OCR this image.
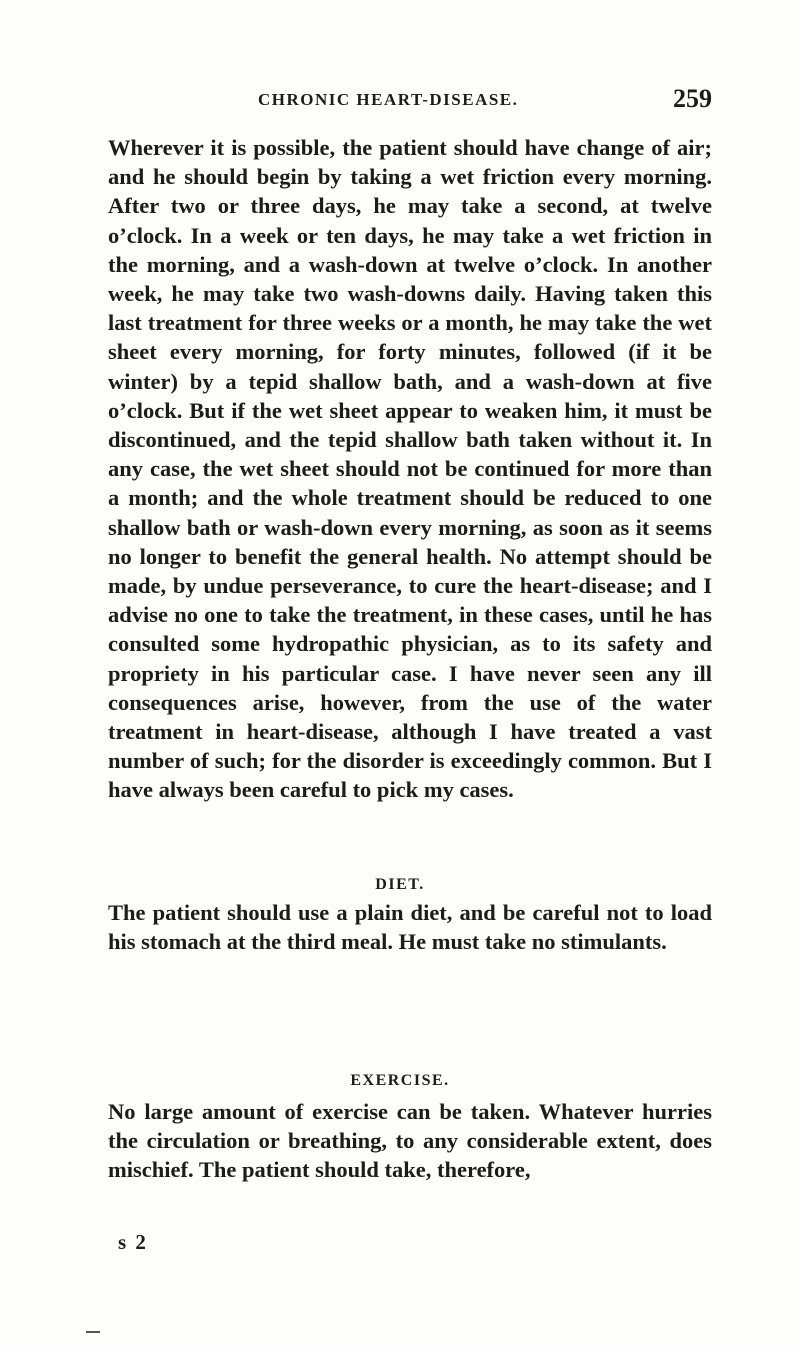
CHRONIC HEART-DISEASE.	259

Wherever it is possible, the patient should have change of air; and he should begin by taking a wet friction every morning. After two or three days, he may take a second, at twelve o’clock. In a week or ten days, he may take a wet friction in the morning, and a wash-down at twelve o’clock. In another week, he may take two wash-downs daily. Having taken this last treatment for three weeks or a month, he may take the wet sheet every morning, for forty minutes, followed (if it be winter) by a tepid shallow bath, and a wash-down at five o’clock. But if the wet sheet appear to weaken him, it must be discontinued, and the tepid shallow bath taken without it. In any case, the wet sheet should not be continued for more than a month; and the whole treatment should be reduced to one shallow bath or wash-down every morning, as soon as it seems no longer to benefit the general health. No attempt should be made, by undue perseverance, to cure the heart-disease; and I advise no one to take the treatment, in these cases, until he has consulted some hydropathic physician, as to its safety and propriety in his particular case. I have never seen any ill consequences arise, however, from the use of the water treatment in heart-disease, although I have treated a vast number of such; for the disorder is exceedingly common. But I have always been careful to pick my cases.

DIET.

The patient should use a plain diet, and be careful not to load his stomach at the third meal. He must take no stimulants.

EXERCISE.

No large amount of exercise can be taken. Whatever hurries the circulation or breathing, to any considerable extent, does mischief. The patient should take, therefore,

s 2
